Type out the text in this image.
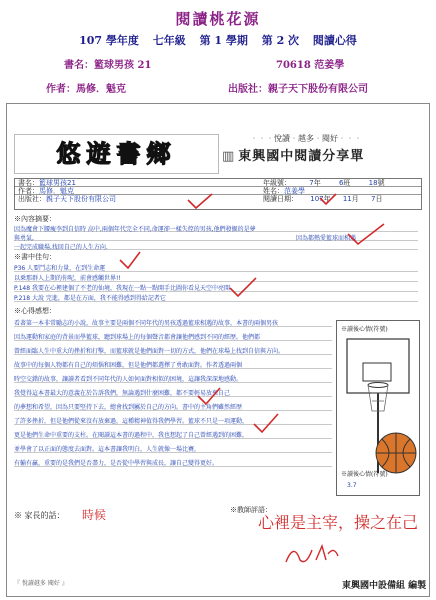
閱讀桃花源
107 學年度 七年級 第 1 學期 第 2 次 閱讀心得
書名：籃球男孩 21	70618 范姜學
作者：馬修．魁克	出版社：親子天下股份有限公司
悠遊書鄉
‧‧‧悅讀‧越多‧閱好‧‧‧
▥ 東興國中閱讀分享單
書名：籃球男孩21	年級號：	7年	6班	18號
作者：馬修．魁克	姓名：范姜學
出版社：親子天下股份有限公司	閱讀日期： 107年 11月 7日
※內容摘要：
因為魔會下腰瘦李到自信時 高中,兩個年代完全不同,命運卻一樣失控的男孩,他們發掘的是夢
與勇氣,
一起完成職場,找回自己的人生方向.
因為都熱愛籃球而相遇
※書中佳句：
P36 人要鬥志和力量，在到生命運
以乗那群人上期的你呢，前會感觸世界!!
P.148 我要在心裡建個了不老的仙境，我現在一點一點開手比圖你看見天空中亮開
P.218 大說 完進，都是在方面，我不能得感到得給記者它
※心得感想：
看著第一本非常勵志的小說，故事主要是兩個不同年代的男孩透過籃球相遇的故事，本書的兩個男孩
因為運動和家庭的背景而學籃球，聽到球場上的每個聲音都會讓他們感到不同的經歷。他們都
曾經面臨人生中重大的挫折和打擊，而籃球就是他們面對一切的方式，他們在球場上找到自信與方向。
故事中的每個人物都有自己的煩惱和困難，但是他們都選擇了勇敢面對。作者透過兩個
時空交錯的故事，讓讀者看到不同年代的人如何面對相似的困境，這讓我深深地感動。
我覺得這本書最大的意義在於告訴我們，無論遇到什麼困難，都不要輕易放棄自己
的夢想和希望，因為只要堅持下去，總會找到屬於自己的方向。書中的主角們雖然經歷
了許多挫折，但是他們從來沒有放棄過，這種精神值得我們學習。籃球不只是一項運動，
更是他們生命中重要的支柱。在閱讀這本書的過程中，我也想起了自己曾經遇到的困難，
並學會了以正面的態度去面對。這本書讓我明白，人生就像一場比賽，
有輸有贏，重要的是我們是否盡力，是否從中學習與成長，讓自己變得更好。
※讀後心情(符號)
※讀後心情(符號)
3.7
※ 家長的話： 時候	※教師評語：
心裡是主宰，操之在己
『 悅讀越多 閱好 』	東興國中設備組 編製
